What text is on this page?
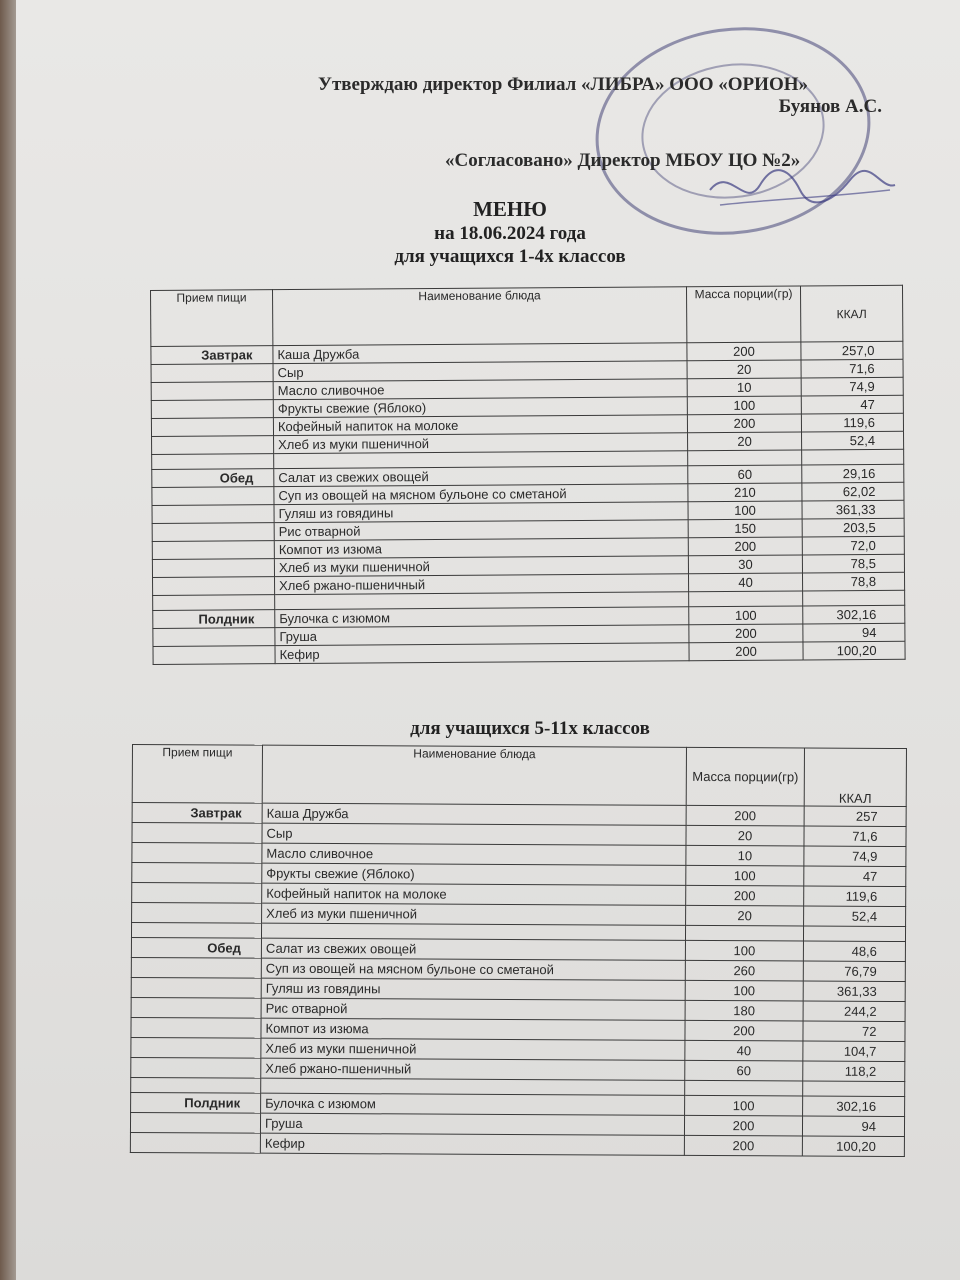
Утверждаю директор Филиал «ЛИБРА» ООО «ОРИОН»
Буянов А.С.
«Согласовано» Директор МБОУ ЦО №2»
МЕНЮ
на 18.06.2024 года
для учащихся 1-4х классов
Прием пищи	Наименование блюда	Масса порции(гр)	ККАЛ
Завтрак	Каша Дружба	200	257,0
	Сыр	20	71,6
	Масло сливочное	10	74,9
	Фрукты свежие (Яблоко)	100	47
	Кофейный напиток на молоке	200	119,6
	Хлеб из муки пшеничной	20	52,4

Обед	Салат из свежих овощей	60	29,16
	Суп из овощей на мясном бульоне со сметаной	210	62,02
	Гуляш из говядины	100	361,33
	Рис отварной	150	203,5
	Компот из изюма	200	72,0
	Хлеб из муки пшеничной	30	78,5
	Хлеб ржано-пшеничный	40	78,8

Полдник	Булочка с изюмом	100	302,16
	Груша	200	94
	Кефир	200	100,20
для учащихся 5-11х классов
Прием пищи	Наименование блюда	Масса порции(гр)	ККАЛ
Завтрак	Каша Дружба	200	257
	Сыр	20	71,6
	Масло сливочное	10	74,9
	Фрукты свежие (Яблоко)	100	47
	Кофейный напиток на молоке	200	119,6
	Хлеб из муки пшеничной	20	52,4

Обед	Салат из свежих овощей	100	48,6
	Суп из овощей на мясном бульоне со сметаной	260	76,79
	Гуляш из говядины	100	361,33
	Рис отварной	180	244,2
	Компот из изюма	200	72
	Хлеб из муки пшеничной	40	104,7
	Хлеб ржано-пшеничный	60	118,2

Полдник	Булочка с изюмом	100	302,16
	Груша	200	94
	Кефир	200	100,20
